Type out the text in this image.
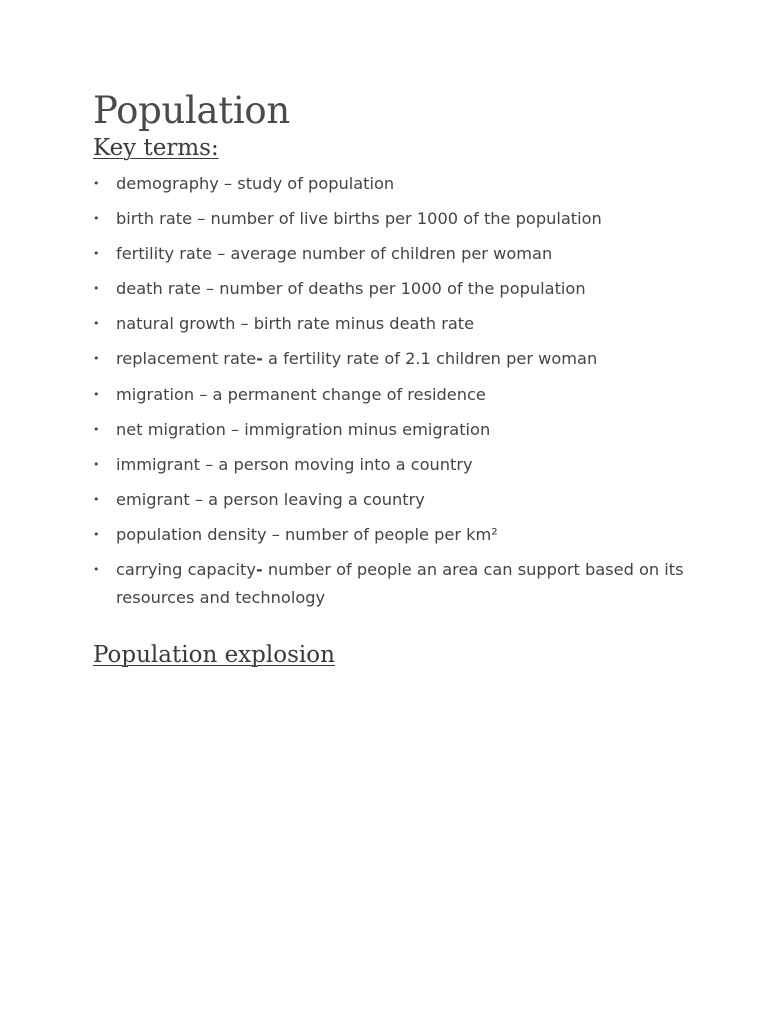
Population
Key terms:
• demography – study of population
• birth rate – number of live births per 1000 of the population
• fertility rate – average number of children per woman
• death rate – number of deaths per 1000 of the population
• natural growth – birth rate minus death rate
• replacement rate- a fertility rate of 2.1 children per woman
• migration – a permanent change of residence
• net migration – immigration minus emigration
• immigrant – a person moving into a country
• emigrant – a person leaving a country
• population density – number of people per km²
• carrying capacity- number of people an area can support based on its resources and technology
Population explosion
